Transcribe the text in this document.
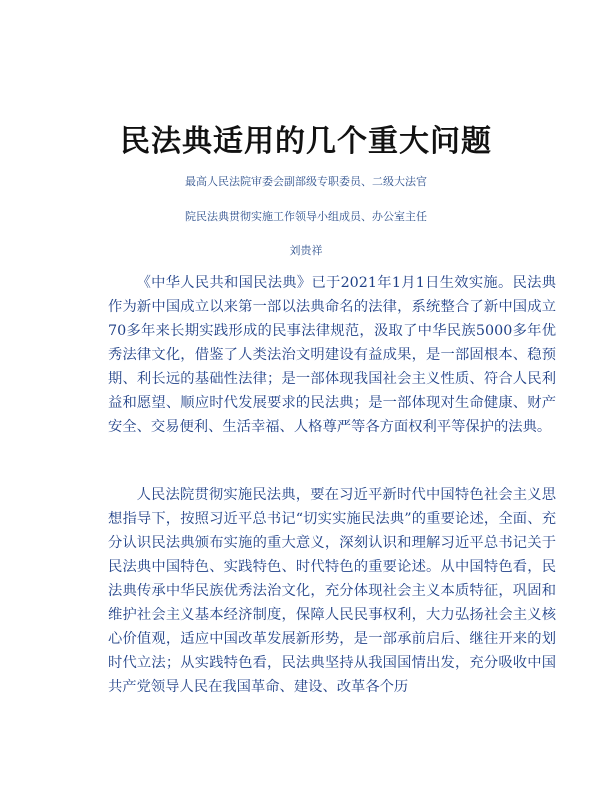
民法典适用的几个重大问题
最高人民法院审委会副部级专职委员、二级大法官
院民法典贯彻实施工作领导小组成员、办公室主任
刘贵祥

《中华人民共和国民法典》已于2021年1月1日生效实施。民法典作为新中国成立以来第一部以法典命名的法律，系统整合了新中国成立70多年来长期实践形成的民事法律规范，汲取了中华民族5000多年优秀法律文化，借鉴了人类法治文明建设有益成果，是一部固根本、稳预期、利长远的基础性法律；是一部体现我国社会主义性质、符合人民利益和愿望、顺应时代发展要求的民法典；是一部体现对生命健康、财产安全、交易便利、生活幸福、人格尊严等各方面权利平等保护的法典。

人民法院贯彻实施民法典，要在习近平新时代中国特色社会主义思想指导下，按照习近平总书记“切实实施民法典”的重要论述，全面、充分认识民法典颁布实施的重大意义，深刻认识和理解习近平总书记关于民法典中国特色、实践特色、时代特色的重要论述。从中国特色看，民法典传承中华民族优秀法治文化，充分体现社会主义本质特征，巩固和维护社会主义基本经济制度，保障人民民事权利，大力弘扬社会主义核心价值观，适应中国改革发展新形势，是一部承前启后、继往开来的划时代立法；从实践特色看，民法典坚持从我国国情出发，充分吸收中国共产党领导人民在我国革命、建设、改革各个历
